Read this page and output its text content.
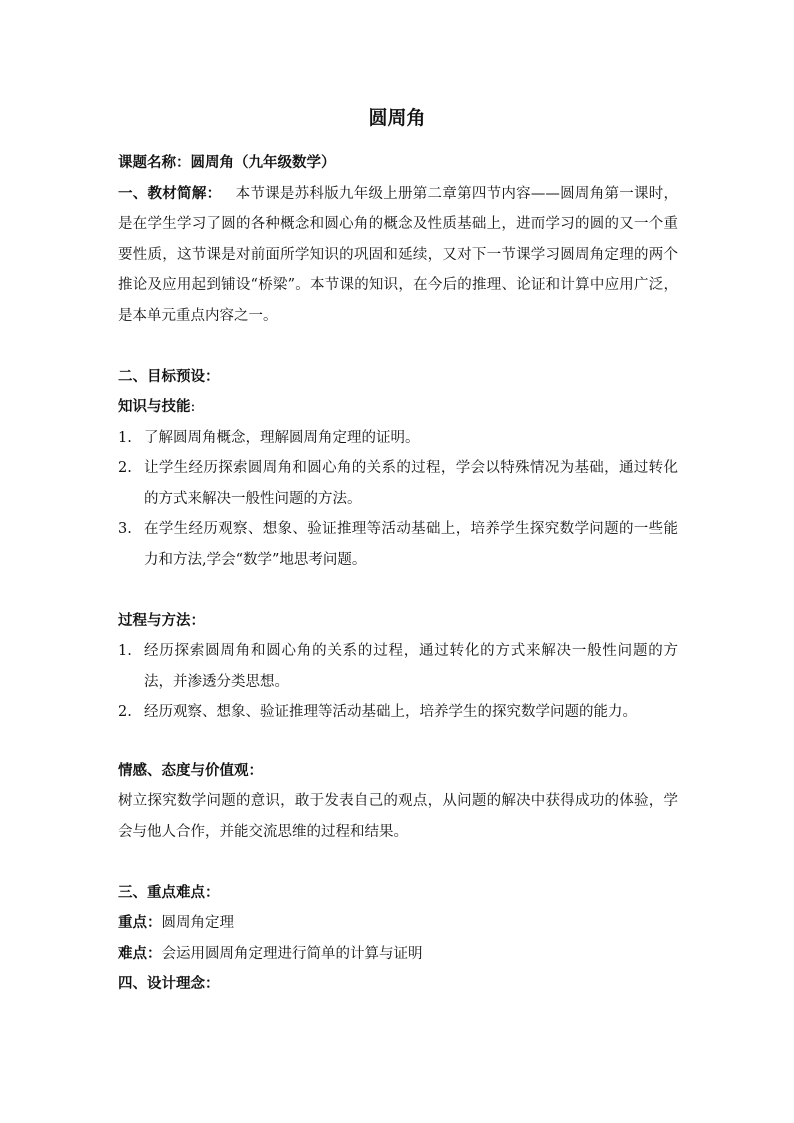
圆周角

课题名称：圆周角（九年级数学）

一、教材简解： 本节课是苏科版九年级上册第二章第四节内容——圆周角第一课时，是在学生学习了圆的各种概念和圆心角的概念及性质基础上，进而学习的圆的又一个重要性质，这节课是对前面所学知识的巩固和延续，又对下一节课学习圆周角定理的两个推论及应用起到铺设“桥梁”。本节课的知识，在今后的推理、论证和计算中应用广泛，是本单元重点内容之一。

二、目标预设：

知识与技能:

1. 了解圆周角概念，理解圆周角定理的证明。
2. 让学生经历探索圆周角和圆心角的关系的过程，学会以特殊情况为基础，通过转化的方式来解决一般性问题的方法。
3. 在学生经历观察、想象、验证推理等活动基础上，培养学生探究数学问题的一些能力和方法,学会“数学”地思考问题。

过程与方法：

1. 经历探索圆周角和圆心角的关系的过程，通过转化的方式来解决一般性问题的方法，并渗透分类思想。
2. 经历观察、想象、验证推理等活动基础上，培养学生的探究数学问题的能力。

情感、态度与价值观：

树立探究数学问题的意识，敢于发表自己的观点，从问题的解决中获得成功的体验，学会与他人合作，并能交流思维的过程和结果。

三、重点难点：

重点：圆周角定理

难点：会运用圆周角定理进行简单的计算与证明

四、设计理念：
